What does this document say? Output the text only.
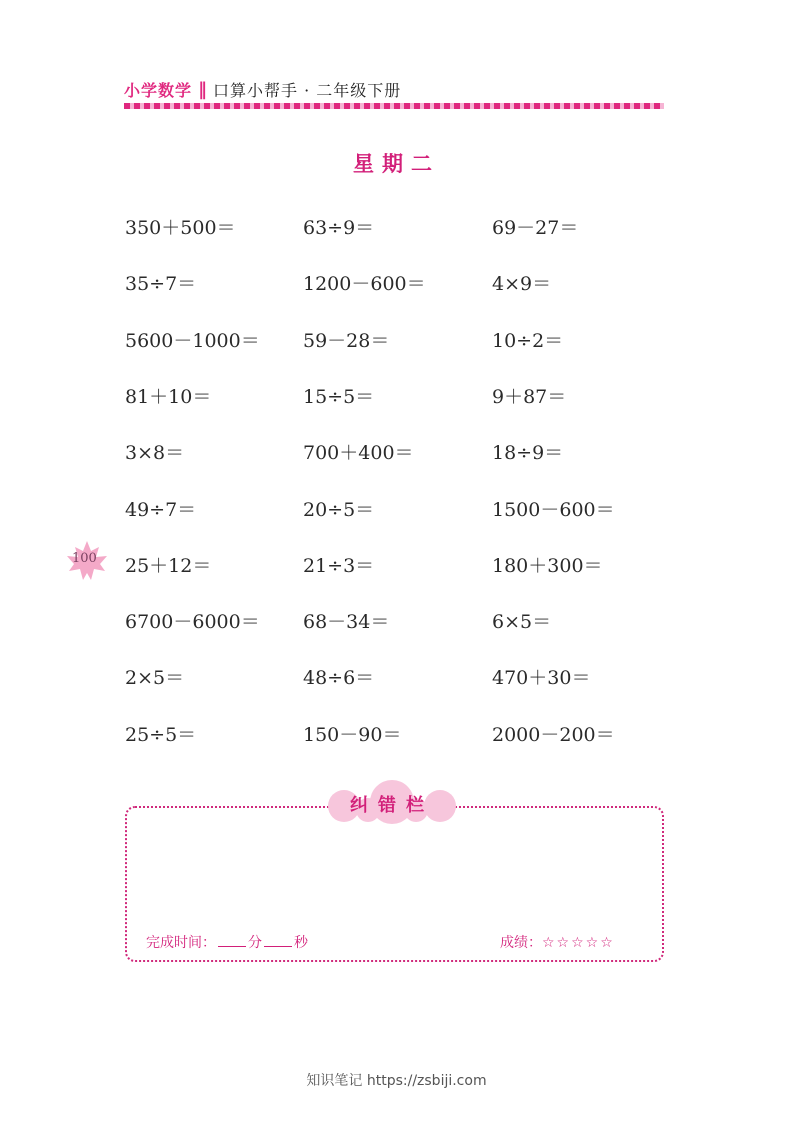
小学数学 ‖ 口算小帮手 · 二年级下册
星期二
350＋500＝	63÷9＝	69－27＝
35÷7＝	1200－600＝	4×9＝
5600－1000＝ 59－28＝	10÷2＝
81＋10＝	15÷5＝	9＋87＝
3×8＝	700＋400＝	18÷9＝
49÷7＝	20÷5＝	1500－600＝
25＋12＝	21÷3＝	180＋300＝
6700－6000＝ 68－34＝	6×5＝
2×5＝	48÷6＝	470＋30＝
25÷5＝	150－90＝	2000－200＝
100
纠错栏
完成时间： 分 秒	成绩： ☆☆☆☆☆
知识笔记 https://zsbiji.com
